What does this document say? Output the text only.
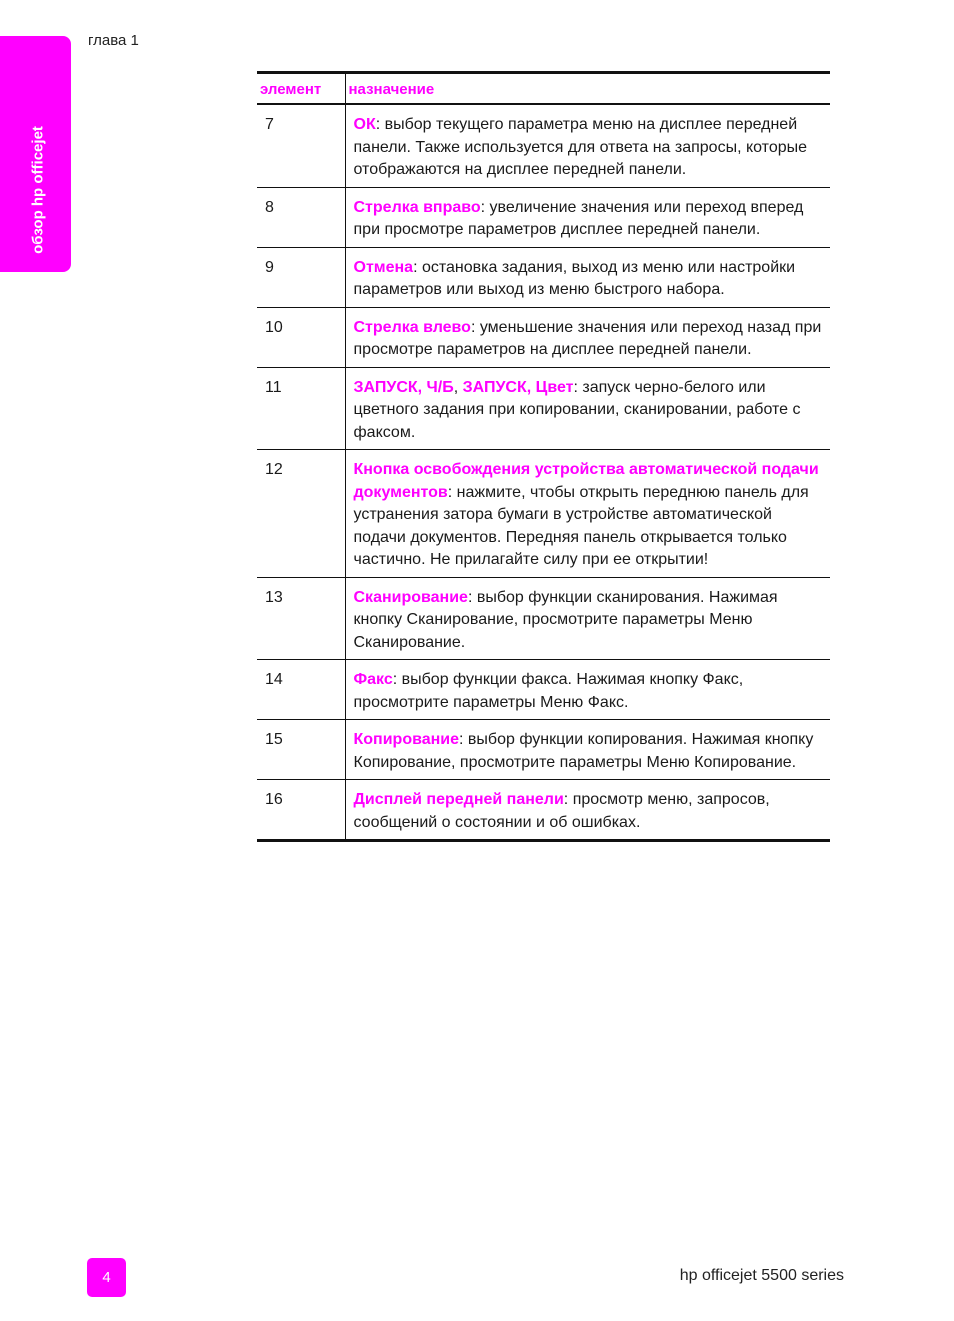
обзор hp officejet
глава 1
элемент	назначение
7	ОК: выбор текущего параметра меню на дисплее передней панели. Также используется для ответа на запросы, которые отображаются на дисплее передней панели.
8	Стрелка вправо: увеличение значения или переход вперед при просмотре параметров дисплее передней панели.
9	Отмена: остановка задания, выход из меню или настройки параметров или выход из меню быстрого набора.
10	Стрелка влево: уменьшение значения или переход назад при просмотре параметров на дисплее передней панели.
11	ЗАПУСК, Ч/Б, ЗАПУСК, Цвет: запуск черно-белого или цветного задания при копировании, сканировании, работе с факсом.
12	Кнопка освобождения устройства автоматической подачи документов: нажмите, чтобы открыть переднюю панель для устранения затора бумаги в устройстве автоматической подачи документов. Передняя панель открывается только частично. Не прилагайте силу при ее открытии!
13	Сканирование: выбор функции сканирования. Нажимая кнопку Сканирование, просмотрите параметры Меню Сканирование.
14	Факс: выбор функции факса. Нажимая кнопку Факс, просмотрите параметры Меню Факс.
15	Копирование: выбор функции копирования. Нажимая кнопку Копирование, просмотрите параметры Меню Копирование.
16	Дисплей передней панели: просмотр меню, запросов, сообщений о состоянии и об ошибках.
4	hp officejet 5500 series
